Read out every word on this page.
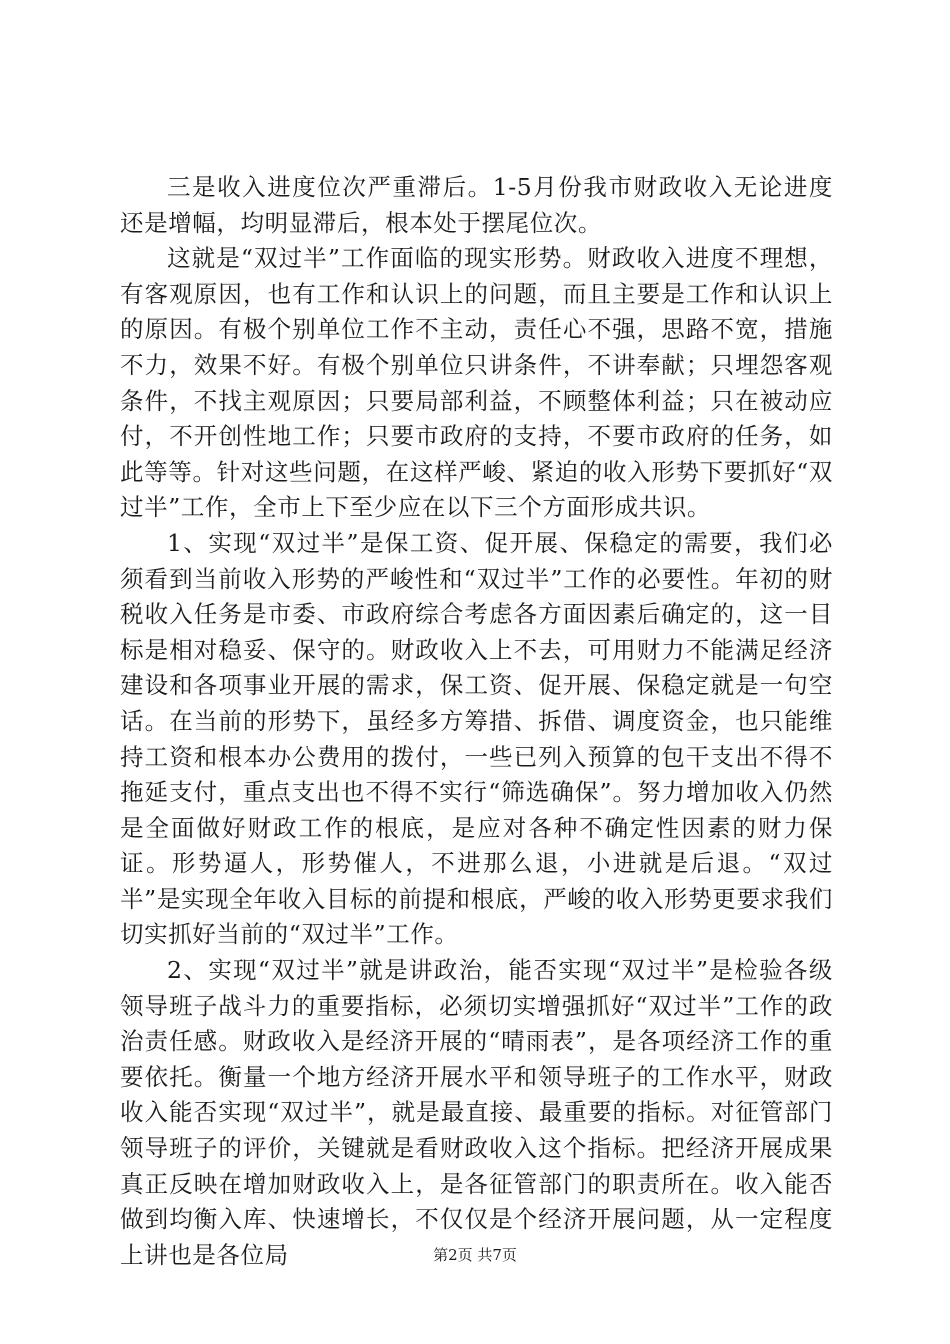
三是收入进度位次严重滞后。1-5月份我市财政收入无论进度还是增幅，均明显滞后，根本处于摆尾位次。

这就是“双过半”工作面临的现实形势。财政收入进度不理想，有客观原因，也有工作和认识上的问题，而且主要是工作和认识上的原因。有极个别单位工作不主动，责任心不强，思路不宽，措施不力，效果不好。有极个别单位只讲条件，不讲奉献；只埋怨客观条件，不找主观原因；只要局部利益，不顾整体利益；只在被动应付，不开创性地工作；只要市政府的支持，不要市政府的任务，如此等等。针对这些问题，在这样严峻、紧迫的收入形势下要抓好“双过半”工作，全市上下至少应在以下三个方面形成共识。

1、实现“双过半”是保工资、促开展、保稳定的需要，我们必须看到当前收入形势的严峻性和“双过半”工作的必要性。年初的财税收入任务是市委、市政府综合考虑各方面因素后确定的，这一目标是相对稳妥、保守的。财政收入上不去，可用财力不能满足经济建设和各项事业开展的需求，保工资、促开展、保稳定就是一句空话。在当前的形势下，虽经多方筹措、拆借、调度资金，也只能维持工资和根本办公费用的拨付，一些已列入预算的包干支出不得不拖延支付，重点支出也不得不实行“筛选确保”。努力增加收入仍然是全面做好财政工作的根底，是应对各种不确定性因素的财力保证。形势逼人，形势催人，不进那么退，小进就是后退。“双过半”是实现全年收入目标的前提和根底，严峻的收入形势更要求我们切实抓好当前的“双过半”工作。

2、实现“双过半”就是讲政治，能否实现“双过半”是检验各级领导班子战斗力的重要指标，必须切实增强抓好“双过半”工作的政治责任感。财政收入是经济开展的“晴雨表”，是各项经济工作的重要依托。衡量一个地方经济开展水平和领导班子的工作水平，财政收入能否实现“双过半”，就是最直接、最重要的指标。对征管部门领导班子的评价，关键就是看财政收入这个指标。把经济开展成果真正反映在增加财政收入上，是各征管部门的职责所在。收入能否做到均衡入库、快速增长，不仅仅是个经济开展问题，从一定程度上讲也是各位局	第2页 共7页
